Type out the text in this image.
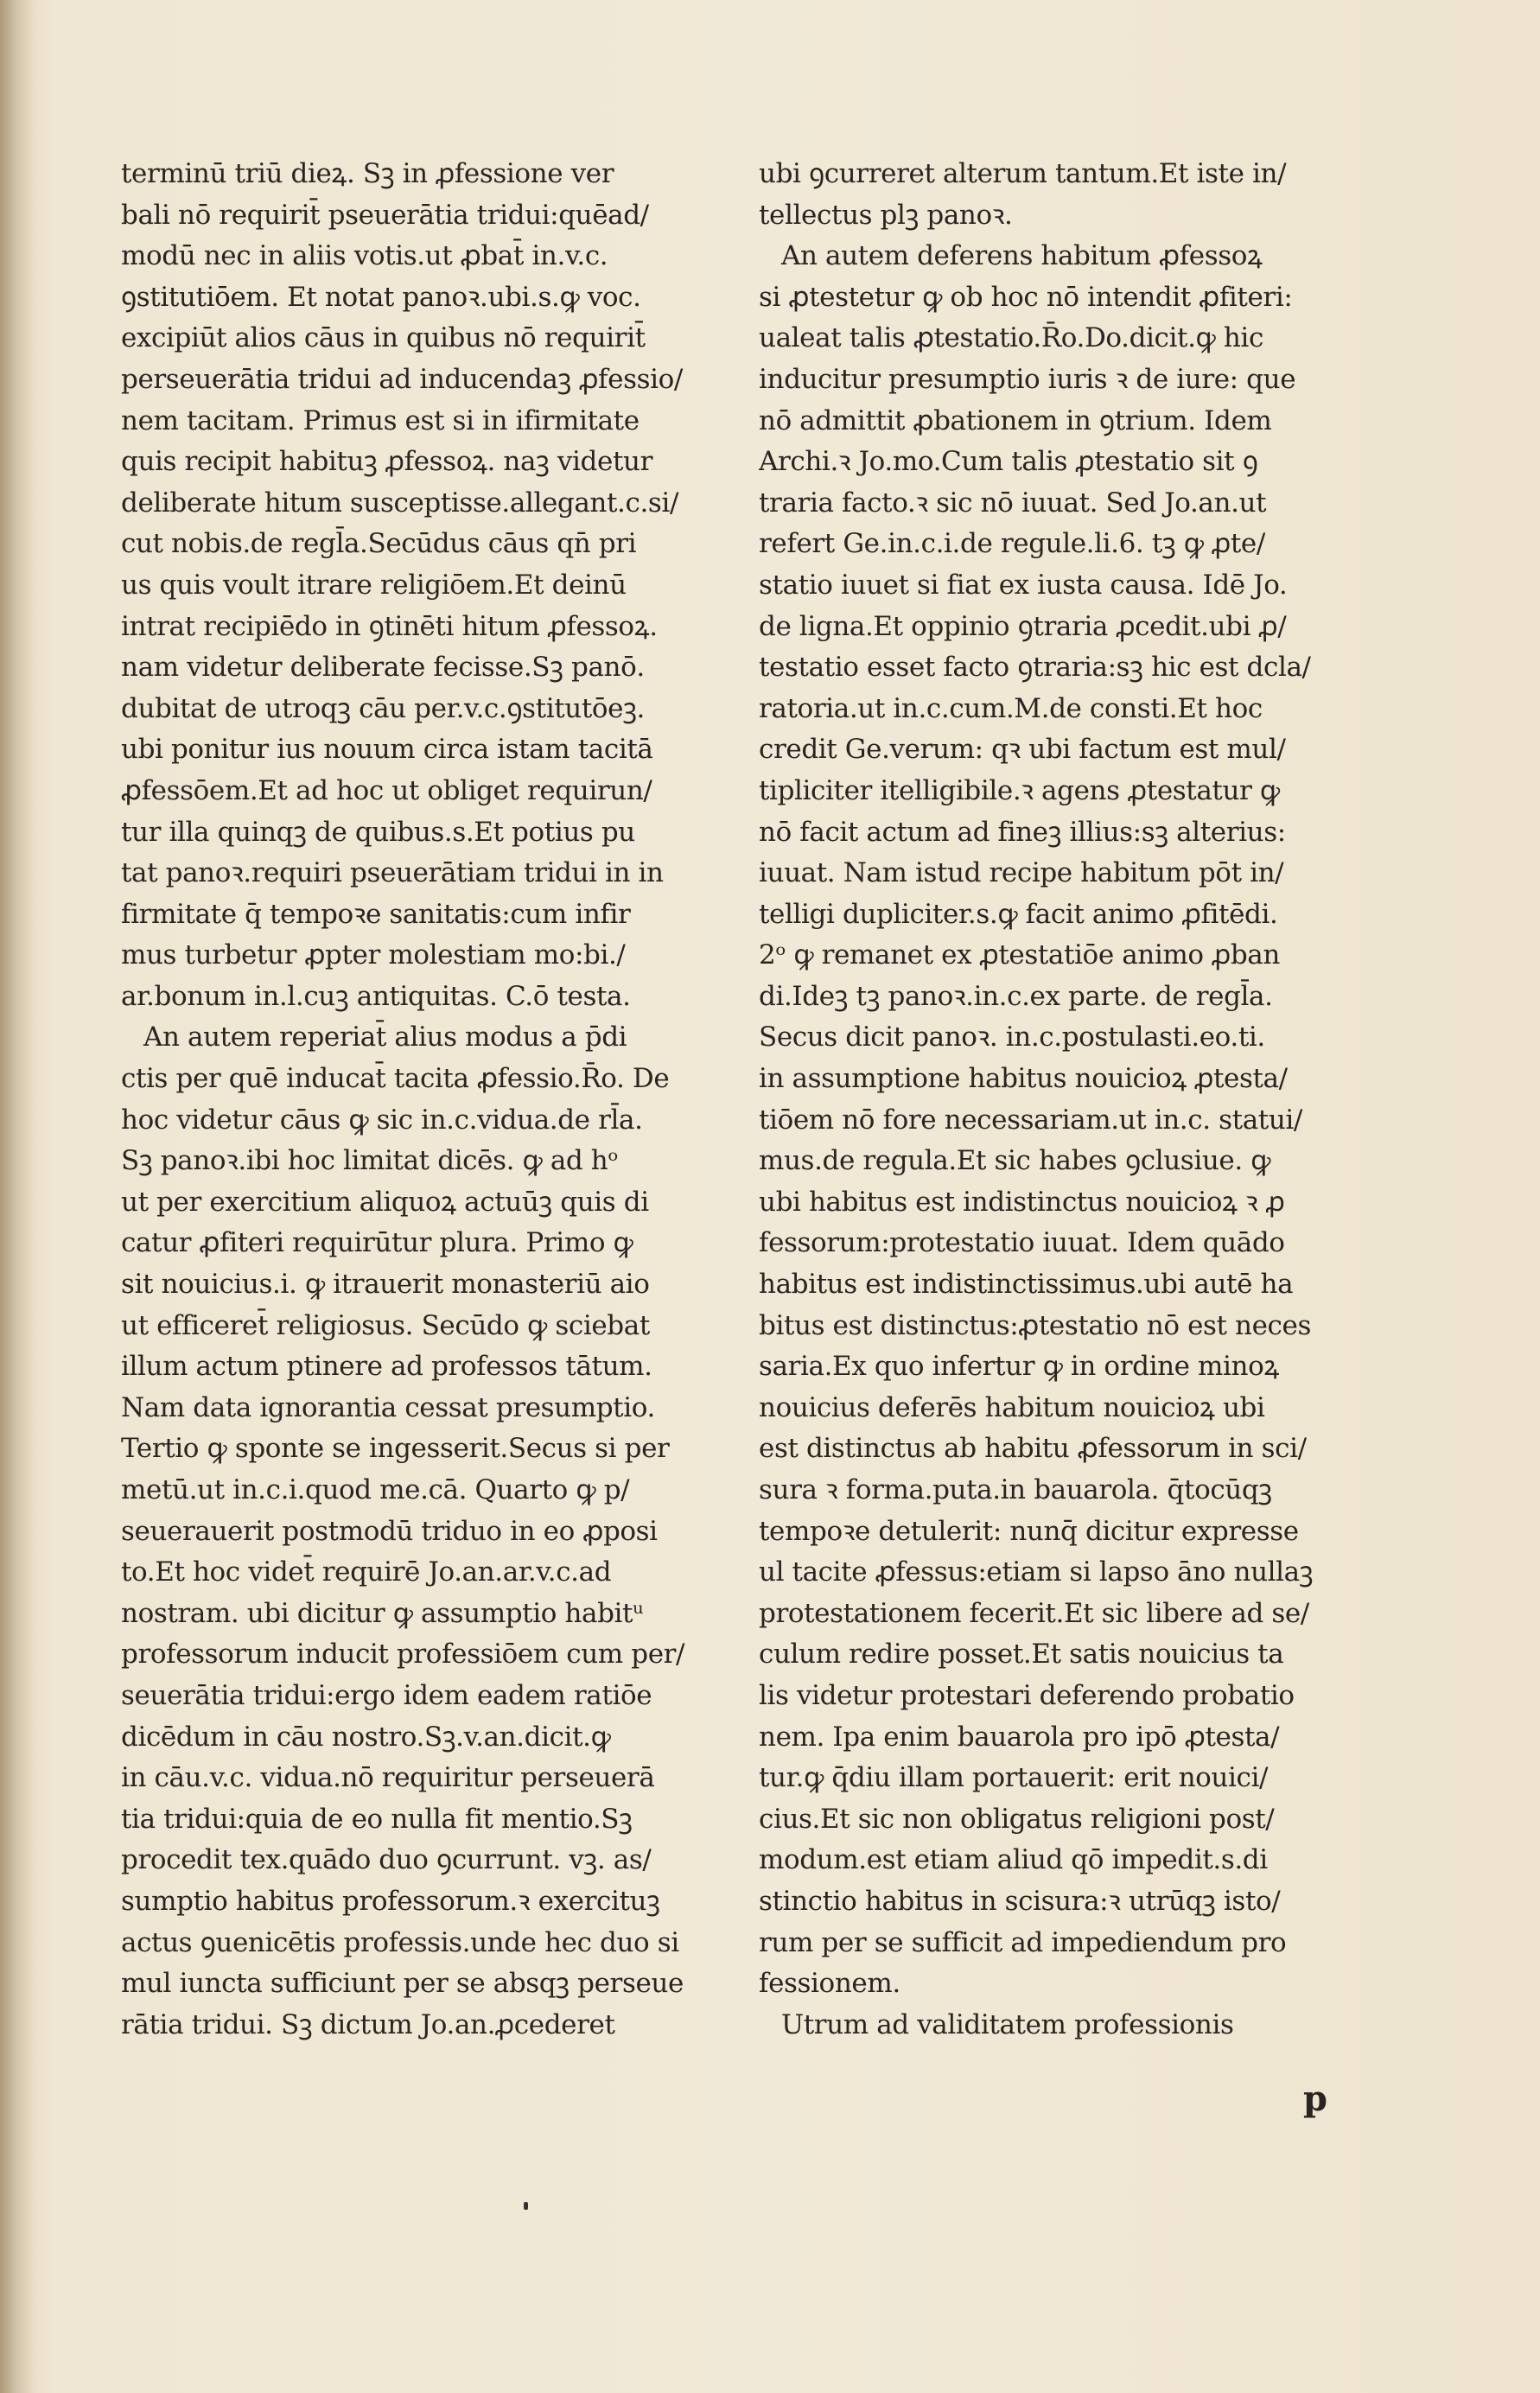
terminū triū dieꝝ. Sꝫ in ꝓfessione ver
bali nō requirit̄ pseuerātia tridui:quēad/
modū nec in aliis votis.ut ꝓbat̄ in.v.c.
ꝯstitutiōem. Et notat panoꝛ.ubi.s.ꝙ voc.
excipiūt alios cāus in quibus nō requirit̄
perseuerātia tridui ad inducendaꝫ ꝓfessio/
nem tacitam. Primus est si in ifirmitate
quis recipit habituꝫ ꝓfessoꝝ. naꝫ videtur
deliberate hitum susceptisse.allegant.c.si/
cut nobis.de regl̄a.Secūdus cāus qn̄ pri
us quis voult itrare religiōem.Et deinū
intrat recipiēdo in ꝯtinēti hitum ꝓfessoꝝ.
nam videtur deliberate fecisse.Sꝫ panō.
dubitat de utroqꝫ cāu per.v.c.ꝯstitutōeꝫ.
ubi ponitur ius nouum circa istam tacitā
ꝓfessōem.Et ad hoc ut obliget requirun/
tur illa quinqꝫ de quibus.s.Et potius pu
tat panoꝛ.requiri pseuerātiam tridui in in
firmitate q̄ tempoꝛe sanitatis:cum infir
mus turbetur ꝓpter molestiam mo:bi./
ar.bonum in.l.cuꝫ antiquitas. C.ō testa.
An autem reperiat̄ alius modus a p̄di
ctis per quē inducat̄ tacita ꝓfessio.R̄o. De
hoc videtur cāus ꝙ sic in.c.vidua.de rl̄a.
Sꝫ panoꝛ.ibi hoc limitat dicēs. ꝙ ad hᵒ
ut per exercitium aliquoꝝ actuūꝫ quis di
catur ꝓfiteri requirūtur plura. Primo ꝙ
sit nouicius.i. ꝙ itrauerit monasteriū aio
ut efficeret̄ religiosus. Secūdo ꝙ sciebat
illum actum ptinere ad professos tātum.
Nam data ignorantia cessat presumptio.
Tertio ꝙ sponte se ingesserit.Secus si per
metū.ut in.c.i.quod me.cā. Quarto ꝙ p/
seuerauerit postmodū triduo in eo ꝓposi
to.Et hoc videt̄ requirē Jo.an.ar.v.c.ad
nostram. ubi dicitur ꝙ assumptio habitᵘ
professorum inducit professiōem cum per/
seuerātia tridui:ergo idem eadem ratiōe
dicēdum in cāu nostro.Sꝫ.v.an.dicit.ꝙ
in cāu.v.c. vidua.nō requiritur perseuerā
tia tridui:quia de eo nulla fit mentio.Sꝫ
procedit tex.quādo duo ꝯcurrunt. vꝫ. as/
sumptio habitus professorum.ꝛ exercituꝫ
actus ꝯuenicētis professis.unde hec duo si
mul iuncta sufficiunt per se absqꝫ perseue
rātia tridui. Sꝫ dictum Jo.an.ꝓcederet
ubi ꝯcurreret alterum tantum.Et iste in/
tellectus plꝫ panoꝛ.
An autem deferens habitum ꝓfessoꝝ
si ꝓtestetur ꝙ ob hoc nō intendit ꝓfiteri:
ualeat talis ꝓtestatio.R̄o.Do.dicit.ꝙ hic
inducitur presumptio iuris ꝛ de iure: que
nō admittit ꝓbationem in ꝯtrium. Idem
Archi.ꝛ Jo.mo.Cum talis ꝓtestatio sit ꝯ
traria facto.ꝛ sic nō iuuat. Sed Jo.an.ut
refert Ge.in.c.i.de regule.li.6. tꝫ ꝙ ꝓte/
statio iuuet si fiat ex iusta causa. Idē Jo.
de ligna.Et oppinio ꝯtraria ꝓcedit.ubi ꝓ/
testatio esset facto ꝯtraria:sꝫ hic est dcla/
ratoria.ut in.c.cum.M.de consti.Et hoc
credit Ge.verum: qꝛ ubi factum est mul/
tipliciter itelligibile.ꝛ agens ꝓtestatur ꝙ
nō facit actum ad fineꝫ illius:sꝫ alterius:
iuuat. Nam istud recipe habitum pōt in/
telligi dupliciter.s.ꝙ facit animo ꝓfitēdi.
2ᵒ ꝙ remanet ex ꝓtestatiōe animo ꝓban
di.Ideꝫ tꝫ panoꝛ.in.c.ex parte. de regl̄a.
Secus dicit panoꝛ. in.c.postulasti.eo.ti.
in assumptione habitus nouicioꝝ ꝓtesta/
tiōem nō fore necessariam.ut in.c. statui/
mus.de regula.Et sic habes ꝯclusiue. ꝙ
ubi habitus est indistinctus nouicioꝝ ꝛ ꝓ
fessorum:protestatio iuuat. Idem quādo
habitus est indistinctissimus.ubi autē ha
bitus est distinctus:ꝓtestatio nō est neces
saria.Ex quo infertur ꝙ in ordine minoꝝ
nouicius deferēs habitum nouicioꝝ ubi
est distinctus ab habitu ꝓfessorum in sci/
sura ꝛ forma.puta.in bauarola. q̄tocūqꝫ
tempoꝛe detulerit: nunq̄ dicitur expresse
ul tacite ꝓfessus:etiam si lapso āno nullaꝫ
protestationem fecerit.Et sic libere ad se/
culum redire posset.Et satis nouicius ta
lis videtur protestari deferendo probatio
nem. Ipa enim bauarola pro ipō ꝓtesta/
tur.ꝙ q̄diu illam portauerit: erit nouici/
cius.Et sic non obligatus religioni post/
modum.est etiam aliud qō impedit.s.di
stinctio habitus in scisura:ꝛ utrūqꝫ isto/
rum per se sufficit ad impediendum pro
fessionem.
Utrum ad validitatem professionis
p
